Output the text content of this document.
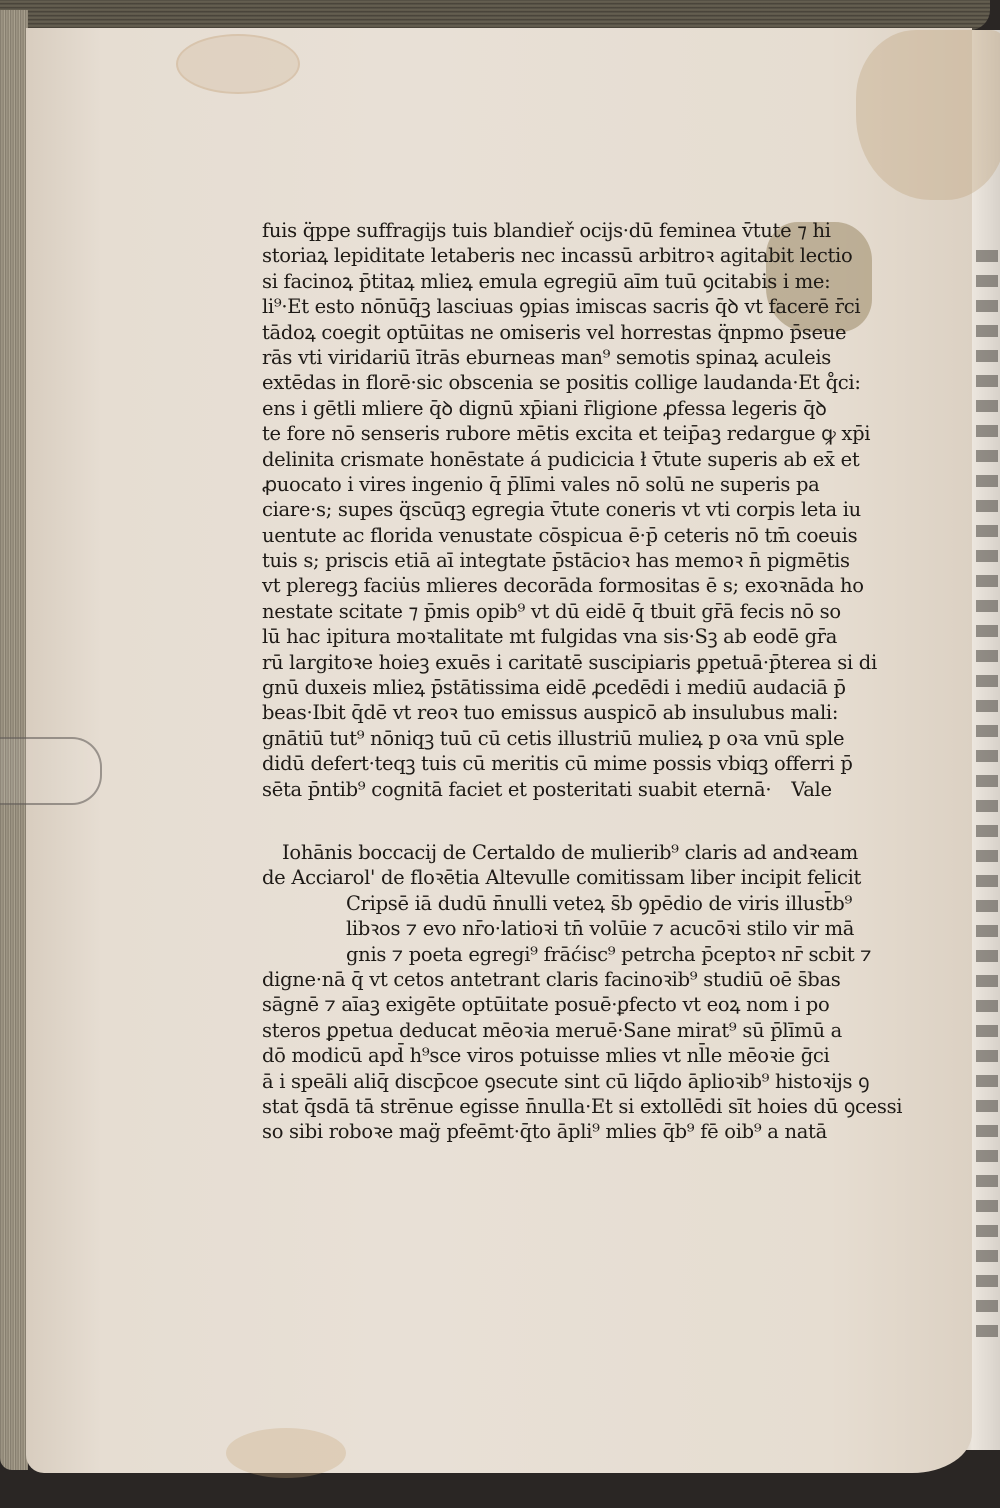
fuis q̈ppe suffragijs tuis blandieř ocijs·dū feminea v̄tute ⁊ hi
storiaꝝ lepiditate letaberis nec incassū arbitroꝛ agitabit lectio
si facinoꝝ p̄titaꝝ mlieꝝ emula egregiū aīm tuū ꝯcitabis i me:
li⁹·Et esto nōnūq̄ꝫ lasciuas ꝯpias imiscas sacris q̄ꝺ vt facerē r̄ci
tādoꝝ coegit optūitas ne omiseris vel horrestas q̈npmo p̄seue
rās vti viridariū ītrās eburneas man⁹ semotis spinaꝝ aculeis
extēdas in florē·sic obscenia se positis collige laudanda·Et q̊ci:
ens i gētli mliere q̄ꝺ dignū xp̄iani r̄ligione ꝓfessa legeris q̄ꝺ
te fore nō senseris rubore mētis excita et teip̄aꝫ redargue ꝙ xp̄i
delinita crismate honēstate á pudicicia ł v̄tute superis ab ex̄ et
ꝓuocato i vires ingenio q̄ p̄līmi vales nō solū ne superis pa
ciare·s; supes q̈scūqꝫ egregia v̄tute coneris vt vti corpis leta iu
uentute ac florida venustate cōspicua ē·p̄ ceteris nō tm̄ coeuis
tuis s; priscis etiā aī integtate p̄stācioꝛ has memoꝛ n̄ pigmētis
vt pleregꝫ faciu̇s mlieres decorāda formositas ē s; exoꝛnāda ho
nestate scitate ⁊ p̄mis opib⁹ vt dū eidē q̄ tbuit gr̄ā fecis nō so
lū hac ipitura moꝛtalitate mt fulgidas vna sis·Sꝫ ab eodē gr̄a
rū largitoꝛe hoieꝫ exuēs i caritatē suscipiaris ꝑpetuā·p̄terea si di
gnū duxeis mlieꝝ p̄stātissima eidē ꝓcedēdi i mediū audaciā p̄
beas·Ibit q̄dē vt reoꝛ tuo emissus auspicō ab insulubus mali:
gnātiū tut⁹ nōniqꝫ tuū cū cetis illustriū mulieꝝ p oꝛa vnū sple
didū defert·teqꝫ tuis cū meritis cū mime possis vbiqꝫ offerri p̄
sēta p̄ntib⁹ cognitā faciet et posteritati suabit eternā· Vale
Iohānis boccacij de Certaldo de mulierib⁹ claris ad andꝛeam
de Acciarol' de floꝛētia Altevulle comitissam liber incipit felicit
Cripsē iā dudū n̄nulli veteꝝ s̄b ꝯpēdio de viris illust̄b⁹
libꝛos ⁊ evo nr̄o·latioꝛi tn̄ volūie ⁊ acucōꝛi stilo vir mā
gnis ⁊ poeta egregi⁹ frāćisc⁹ petrcha p̄ceptoꝛ nr̄ scbit ⁊
digne·nā q̄ vt cetos antetrant claris facinoꝛib⁹ studiū oē s̄bas
sāgnē ⁊ aīaꝫ exigēte optūitate posuē·ꝑfecto vt eoꝝ nom i po
steros ꝑpetua deducat mēoꝛia meruē·Sane mirat⁹ sū p̄līmū a
dō modicū apd̄ h⁹sce viros potuisse mlies vt nl̄le mēoꝛie ḡci
ā i speāli aliq̄ discp̄coe ꝯsecute sint cū liq̄do āplioꝛib⁹ histoꝛijs ꝯ
stat q̄sdā tā strēnue egisse n̄nulla·Et si extollēdi sīt hoies dū ꝯcessi
so sibi roboꝛe mag̈ pfeēmt·q̄to āpli⁹ mlies q̄b⁹ fē oib⁹ a natā
